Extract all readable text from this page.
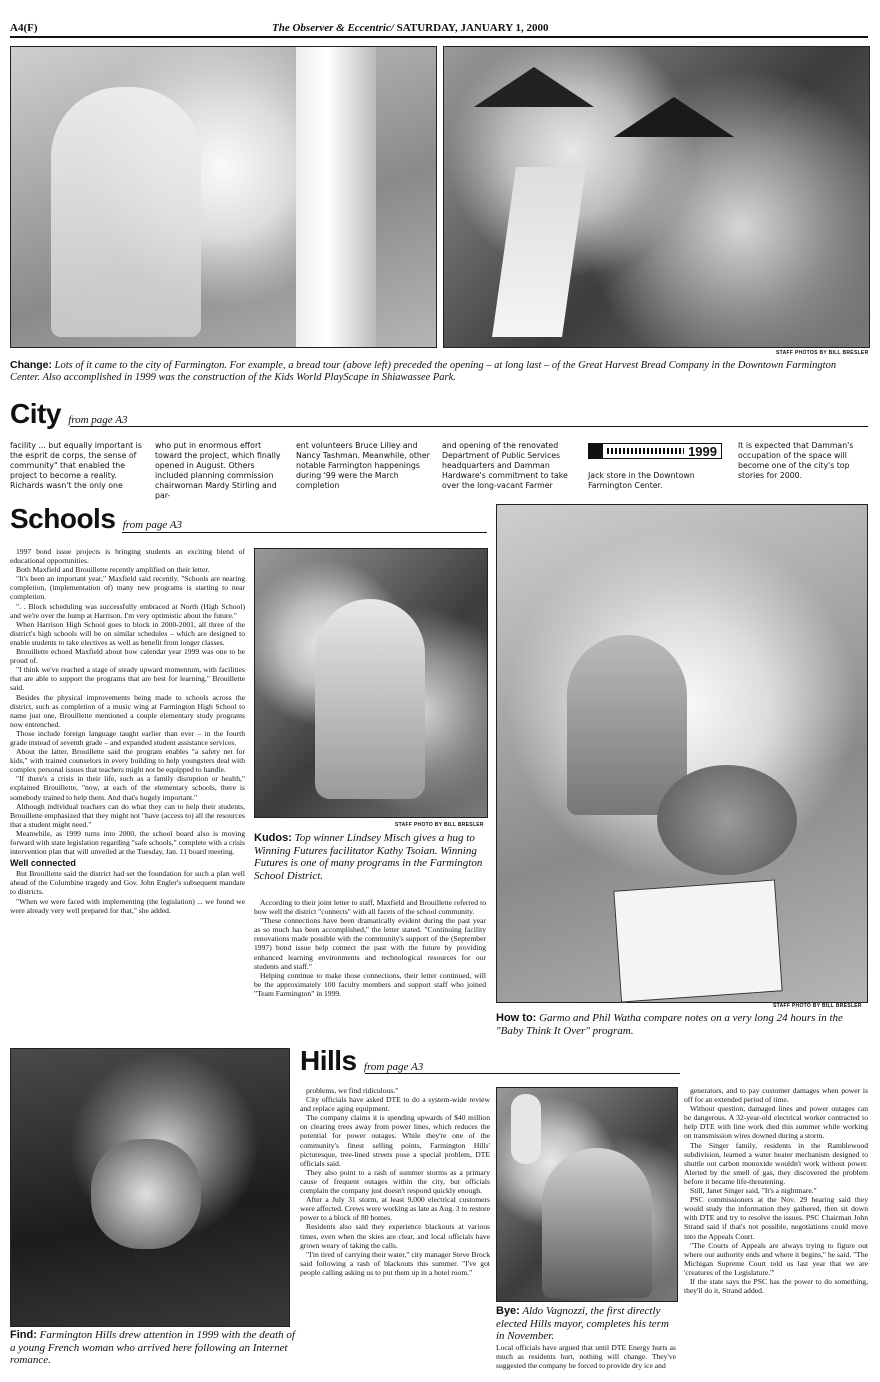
A4(F)	The Observer & Eccentric/ SATURDAY, JANUARY 1, 2000
STAFF PHOTOS BY BILL BRESLER
Change: Lots of it came to the city of Farmington. For example, a bread tour (above left) preceded the opening – at long last – of the Great Harvest Bread Company in the Downtown Farmington Center. Also accomplished in 1999 was the construction of the Kids World PlayScape in Shiawassee Park.
City from page A3
facility ... but equally important is the esprit de corps, the sense of community" that enabled the project to become a reality. Richards wasn't the only one
who put in enormous effort toward the project, which finally opened in August. Others included planning commission chairwoman Mardy Stirling and par-
ent volunteers Bruce Lilley and Nancy Tashman. Meanwhile, other notable Farmington happenings during '99 were the March completion
and opening of the renovated Department of Public Services headquarters and Damman Hardware's commitment to take over the long-vacant Farmer
1999
Jack store in the Downtown Farmington Center.
It is expected that Damman's occupation of the space will become one of the city's top stories for 2000.
Schools from page A3

1997 bond issue projects is bringing students an exciting blend of educational opportunities.

Both Maxfield and Brouillette recently amplified on their letter.

"It's been an important year," Maxfield said recently. "Schools are nearing completion, (implementation of) many new programs is starting to near completion.

". . Block scheduling was successfully embraced at North (High School) and we're over the hump at Harrison. I'm very optimistic about the future."

When Harrison High School goes to block in 2000-2001, all three of the district's high schools will be on similar schedules – which are designed to enable students to take electives as well as benefit from longer classes.

Brouillette echoed Maxfield about how calendar year 1999 was one to be proud of.

"I think we've reached a stage of steady upward momentum, with facilities that are able to support the programs that are best for learning," Brouillette said.

Besides the physical improvements being made to schools across the district, such as completion of a music wing at Farmington High School to name just one, Brouillette mentioned a couple elementary study programs now entrenched.

Those include foreign language taught earlier than ever – in the fourth grade instead of seventh grade – and expanded student assistance services.

About the latter, Brouillette said the program enables "a safety net for kids," with trained counselors in every building to help youngsters deal with complex personal issues that teachers might not be equipped to handle.

"If there's a crisis in their life, such as a family disruption or health," explained Brouillette, "now, at each of the elementary schools, there is somebody trained to help them. And that's hugely important."

Although individual teachers can do what they can to help their students, Brouillette emphasized that they might not "have (access to) all the resources that a student might need."

Meanwhile, as 1999 turns into 2000, the school board also is moving forward with state legislation regarding "safe schools," complete with a crisis intervention plan that will unveiled at the Tuesday, Jan. 11 board meeting.

Well connected

But Brouillette said the district had set the foundation for such a plan well ahead of the Columbine tragedy and Gov. John Engler's subsequent mandate to districts.

"When we were faced with implementing (the legislation) ... we found we were already very well prepared for that," she added.

STAFF PHOTO BY BILL BRESLER
Kudos: Top winner Lindsey Misch gives a hug to Winning Futures facilitator Kathy Tsoian. Winning Futures is one of many programs in the Farmington School District.

According to their joint letter to staff, Maxfield and Brouillette referred to how well the district "connects" with all facets of the school community.

"These connections have been dramatically evident during the past year as so much has been accomplished," the letter stated. "Continuing facility renovations made possible with the community's support of the (September 1997) bond issue help connect the past with the future by providing enhanced learning environments and technological resources for our students and staff."

Helping continue to make those connections, their letter continued, will be the approximately 100 faculty members and support staff who joined "Team Farmington" in 1999.

STAFF PHOTO BY BILL BRESLER
How to: Garmo and Phil Watha compare notes on a very long 24 hours in the "Baby Think It Over" program.
Find: Farmington Hills drew attention in 1999 with the death of a young French woman who arrived here following an Internet romance.
Hills from page A3

problems, we find ridiculous."

City officials have asked DTE to do a system-wide review and replace aging equipment.

The company claims it is spending upwards of $40 million on clearing trees away from power lines, which reduces the potential for power outages. While they're one of the community's finest selling points, Farmington Hills' picturesque, tree-lined streets pose a special problem, DTE officials said.

They also point to a rash of summer storms as a primary cause of frequent outages within the city, but officials complain the company just doesn't respond quickly enough.

After a July 31 storm, at least 9,000 electrical customers were affected. Crews were working as late as Aug. 3 to restore power to a block of 80 homes.

Residents also said they experience blackouts at various times, even when the skies are clear, and local officials have grown weary of taking the calls.

"I'm tired of carrying their water," city manager Steve Brock said following a rash of blackouts this summer. "I've got people calling asking us to put them up in a hotel room."

Bye: Aldo Vagnozzi, the first directly elected Hills mayor, completes his term in November.
Local officials have argued that until DTE Energy hurts as much as residents hurt, nothing will change. They've suggested the company be forced to provide dry ice and

generators, and to pay customer damages when power is off for an extended period of time.

Without question, damaged lines and power outages can be dangerous. A 32-year-old electrical worker contracted to help DTE with line work died this summer while working on transmission wires downed during a storm.

The Singer family, residents in the Ramblewood subdivision, learned a water heater mechanism designed to shuttle out carbon monoxide wouldn't work without power. Alerted by the smell of gas, they discovered the problem before it became life-threatening.

Still, Janet Singer said, "It's a nightmare."

PSC commissioners at the Nov. 29 hearing said they would study the information they gathered, then sit down with DTE and try to resolve the issues. PSC Chairman John Strand said if that's not possible, negotiations could move into the Appeals Court.

"The Courts of Appeals are always trying to figure out where our authority ends and where it begins," he said. "The Michigan Supreme Court told us last year that we are 'creatures of the Legislature.'"

If the state says the PSC has the power to do something, they'll do it, Strand added.
